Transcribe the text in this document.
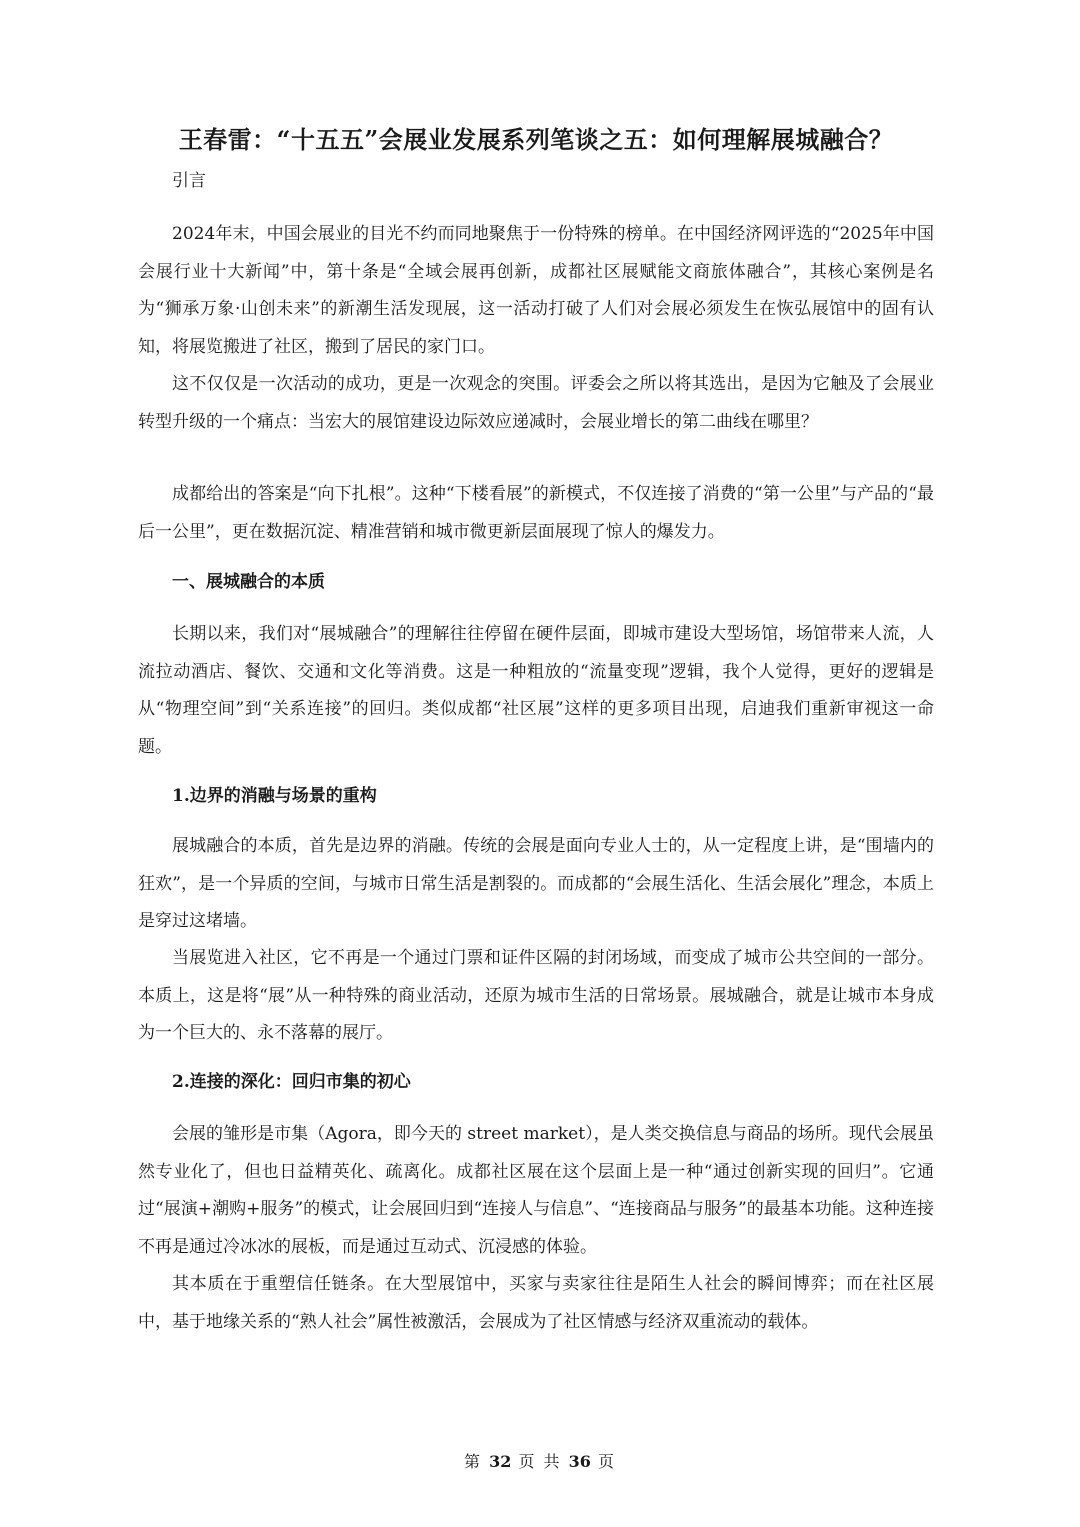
王春雷：“十五五”会展业发展系列笔谈之五：如何理解展城融合？

引言

2024年末，中国会展业的目光不约而同地聚焦于一份特殊的榜单。在中国经济网评选的“2025年中国会展行业十大新闻”中，第十条是“全域会展再创新，成都社区展赋能文商旅体融合”，其核心案例是名为“狮承万象·山创未来”的新潮生活发现展，这一活动打破了人们对会展必须发生在恢弘展馆中的固有认知，将展览搬进了社区，搬到了居民的家门口。

这不仅仅是一次活动的成功，更是一次观念的突围。评委会之所以将其选出，是因为它触及了会展业转型升级的一个痛点：当宏大的展馆建设边际效应递减时，会展业增长的第二曲线在哪里？

成都给出的答案是“向下扎根”。这种“下楼看展”的新模式，不仅连接了消费的“第一公里”与产品的“最后一公里”，更在数据沉淀、精准营销和城市微更新层面展现了惊人的爆发力。

一、展城融合的本质

长期以来，我们对“展城融合”的理解往往停留在硬件层面，即城市建设大型场馆，场馆带来人流，人流拉动酒店、餐饮、交通和文化等消费。这是一种粗放的“流量变现”逻辑，我个人觉得，更好的逻辑是从“物理空间”到“关系连接”的回归。类似成都“社区展”这样的更多项目出现，启迪我们重新审视这一命题。

1.边界的消融与场景的重构

展城融合的本质，首先是边界的消融。传统的会展是面向专业人士的，从一定程度上讲，是“围墙内的狂欢”，是一个异质的空间，与城市日常生活是割裂的。而成都的“会展生活化、生活会展化”理念，本质上是穿过这堵墙。

当展览进入社区，它不再是一个通过门票和证件区隔的封闭场域，而变成了城市公共空间的一部分。本质上，这是将“展”从一种特殊的商业活动，还原为城市生活的日常场景。展城融合，就是让城市本身成为一个巨大的、永不落幕的展厅。

2.连接的深化：回归市集的初心

会展的雏形是市集（Agora，即今天的 street market），是人类交换信息与商品的场所。现代会展虽然专业化了，但也日益精英化、疏离化。成都社区展在这个层面上是一种“通过创新实现的回归”。它通过“展演+潮购+服务”的模式，让会展回归到“连接人与信息”、“连接商品与服务”的最基本功能。这种连接不再是通过冷冰冰的展板，而是通过互动式、沉浸感的体验。

其本质在于重塑信任链条。在大型展馆中，买家与卖家往往是陌生人社会的瞬间博弈；而在社区展中，基于地缘关系的“熟人社会”属性被激活，会展成为了社区情感与经济双重流动的载体。

第 32 页 共 36 页
